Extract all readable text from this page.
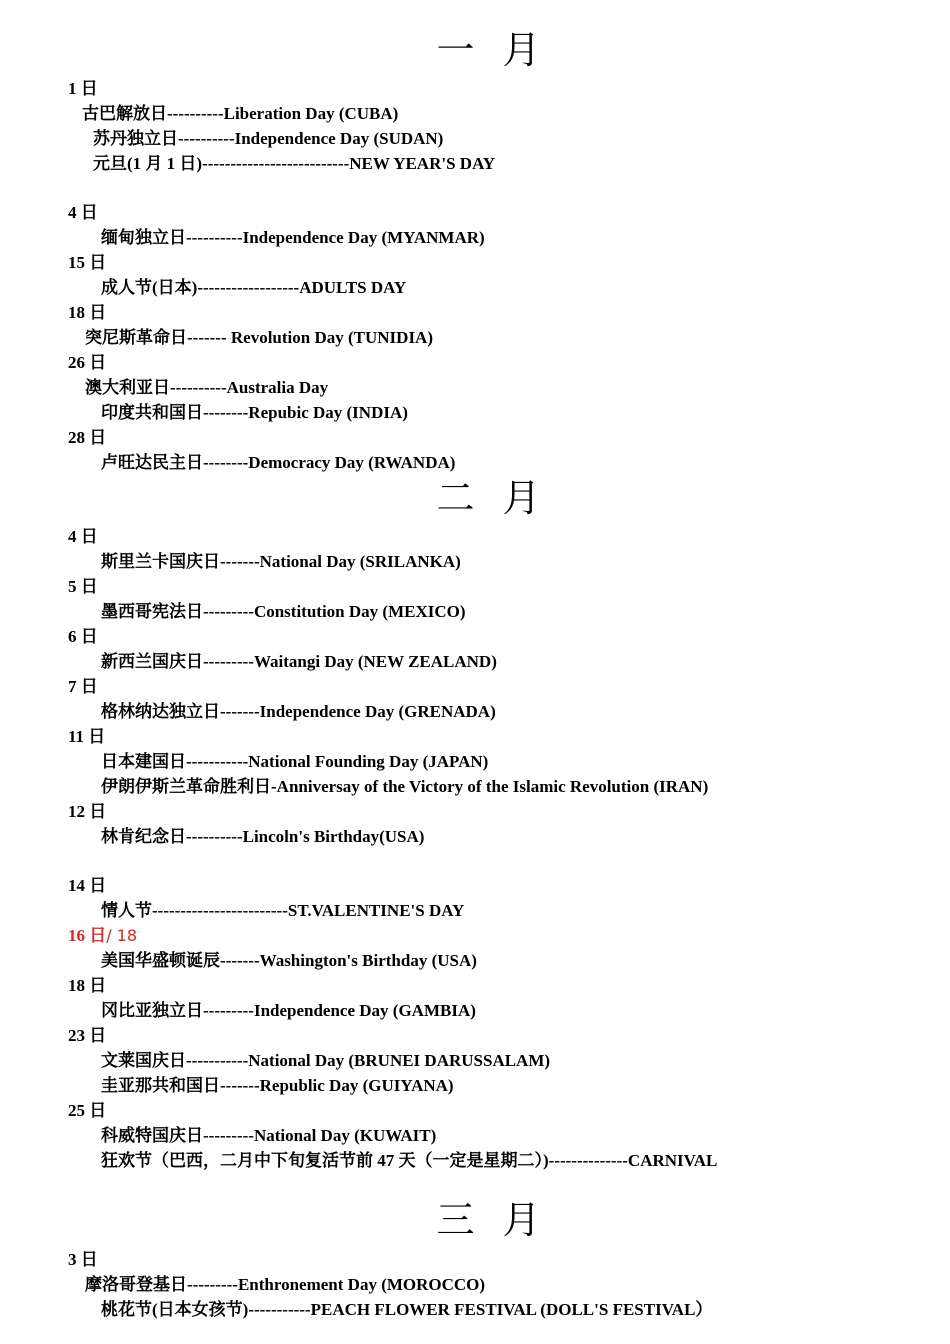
一 月
1 日
古巴解放日----------Liberation Day (CUBA)
苏丹独立日----------Independence Day (SUDAN)
元旦(1 月 1 日)--------------------------NEW YEAR'S DAY
4 日
缅甸独立日----------Independence Day (MYANMAR)
15 日
成人节(日本)------------------ADULTS DAY
18 日
突尼斯革命日------- Revolution Day (TUNIDIA)
26 日
澳大利亚日----------Australia Day
印度共和国日--------Repubic Day (INDIA)
28 日
卢旺达民主日--------Democracy Day (RWANDA)
二 月
4 日
斯里兰卡国庆日-------National Day (SRILANKA)
5 日
墨西哥宪法日---------Constitution Day (MEXICO)
6 日
新西兰国庆日---------Waitangi Day (NEW ZEALAND)
7 日
格林纳达独立日-------Independence Day (GRENADA)
11 日
日本建国日-----------National Founding Day (JAPAN)
伊朗伊斯兰革命胜利日-Anniversay of the Victory of the Islamic Revolution (IRAN)
12 日
林肯纪念日----------Lincoln's Birthday(USA)
14 日
情人节------------------------ST.VALENTINE'S DAY
16 日/ 18
美国华盛顿诞辰-------Washington's Birthday (USA)
18 日
冈比亚独立日---------Independence Day (GAMBIA)
23 日
文莱国庆日-----------National Day (BRUNEI DARUSSALAM)
圭亚那共和国日-------Republic Day (GUIYANA)
25 日
科威特国庆日---------National Day (KUWAIT)
狂欢节（巴西，二月中下旬复活节前 47 天（一定是星期二）)--------------CARNIVAL
三 月
3 日
摩洛哥登基日---------Enthronement Day (MOROCCO)
桃花节(日本女孩节)-----------PEACH FLOWER FESTIVAL (DOLL'S FESTIVAL）
